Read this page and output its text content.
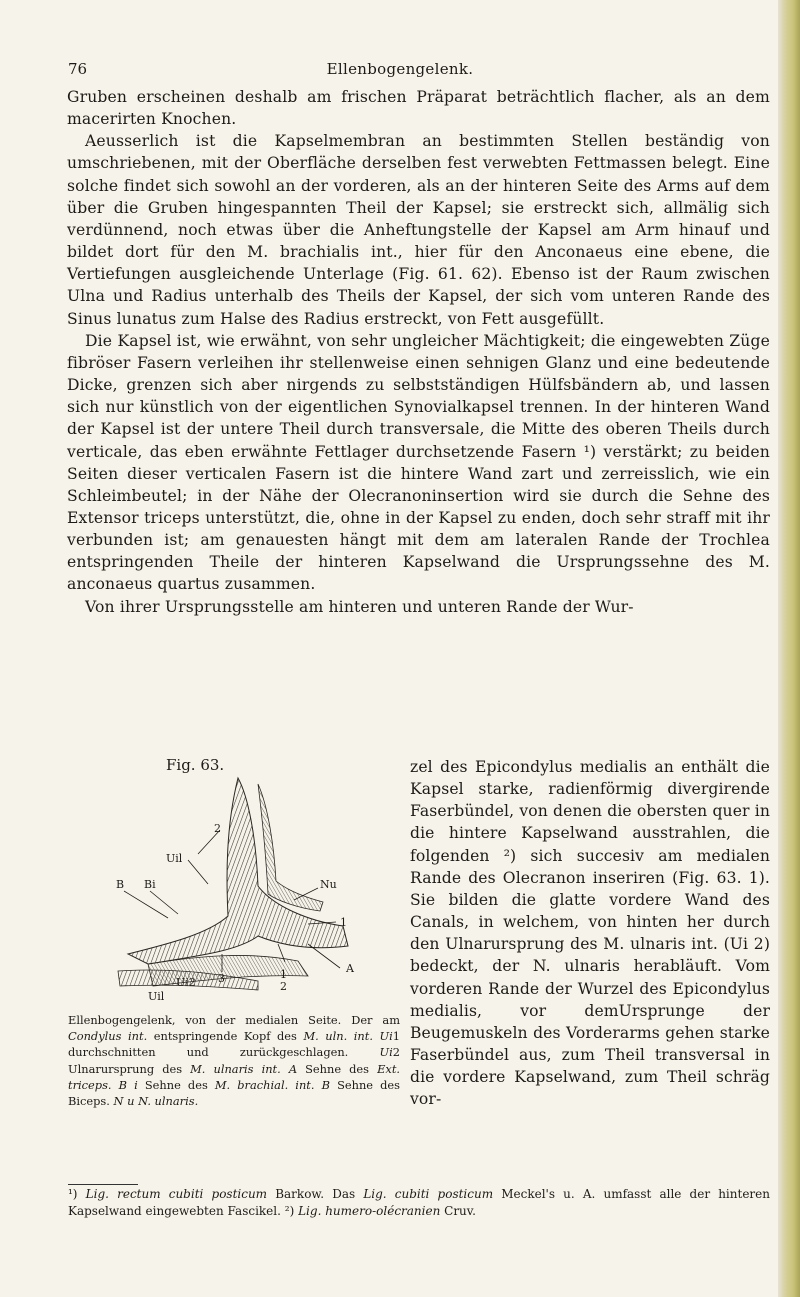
76	Ellenbogengelenk.

Gruben erscheinen deshalb am frischen Präparat beträchtlich flacher, als an dem macerirten Knochen.

Aeusserlich ist die Kapselmembran an bestimmten Stellen beständig von umschriebenen, mit der Oberfläche derselben fest verwebten Fettmassen belegt. Eine solche findet sich sowohl an der vorderen, als an der hinteren Seite des Arms auf dem über die Gruben hingespannten Theil der Kapsel; sie erstreckt sich, allmälig sich verdünnend, noch etwas über die Anheftungstelle der Kapsel am Arm hinauf und bildet dort für den M. brachialis int., hier für den Anconaeus eine ebene, die Vertiefungen ausgleichende Unterlage (Fig. 61. 62). Ebenso ist der Raum zwischen Ulna und Radius unterhalb des Theils der Kapsel, der sich vom unteren Rande des Sinus lunatus zum Halse des Radius erstreckt, von Fett ausgefüllt.

Die Kapsel ist, wie erwähnt, von sehr ungleicher Mächtigkeit; die eingewebten Züge fibröser Fasern verleihen ihr stellenweise einen sehnigen Glanz und eine bedeutende Dicke, grenzen sich aber nirgends zu selbstständigen Hülfsbändern ab, und lassen sich nur künstlich von der eigentlichen Synovialkapsel trennen. In der hinteren Wand der Kapsel ist der untere Theil durch transversale, die Mitte des oberen Theils durch verticale, das eben erwähnte Fettlager durchsetzende Fasern ¹) verstärkt; zu beiden Seiten dieser verticalen Fasern ist die hintere Wand zart und zerreisslich, wie ein Schleimbeutel; in der Nähe der Olecranoninsertion wird sie durch die Sehne des Extensor triceps unterstützt, die, ohne in der Kapsel zu enden, doch sehr straff mit ihr verbunden ist; am genauesten hängt mit dem am lateralen Rande der Trochlea entspringenden Theile der hinteren Kapselwand die Ursprungssehne des M. anconaeus quartus zusammen.

Von ihrer Ursprungsstelle am hinteren und unteren Rande der Wur-

Fig. 63.
2
Uil
B Bi	Nu
1
A
3
Ui2
1
2
Uil
zel des Epicondylus medialis an enthält die Kapsel starke, radienförmig divergirende Faserbündel, von denen die obersten quer in die hintere Kapselwand ausstrahlen, die folgenden ²) sich succesiv am medialen Rande des Olecranon inseriren (Fig. 63. 1). Sie bilden die glatte vordere Wand des Canals, in welchem, von hinten her durch den Ulnarursprung des M. ulnaris int. (Ui 2) bedeckt, der N. ulnaris herabläuft. Vom vorderen Rande der Wurzel des Epicondylus medialis, vor demUrsprunge der Beugemuskeln des Vorderarms gehen starke Faserbündel aus, zum Theil transversal in die vordere Kapselwand, zum Theil schräg vor-
Ellenbogengelenk, von der medialen Seite. Der am Condylus int. entspringende Kopf des M. uln. int. Ui1 durchschnitten und zurückgeschlagen. Ui2 Ulnarursprung des M. ulnaris int. A Sehne des Ext. triceps. B i Sehne des M. brachial. int. B Sehne des Biceps. N u N. ulnaris.
¹) Lig. rectum cubiti posticum Barkow. Das Lig. cubiti posticum Meckel's u. A. umfasst alle der hinteren Kapselwand eingewebten Fascikel. ²) Lig. humero-olécranien Cruv.
